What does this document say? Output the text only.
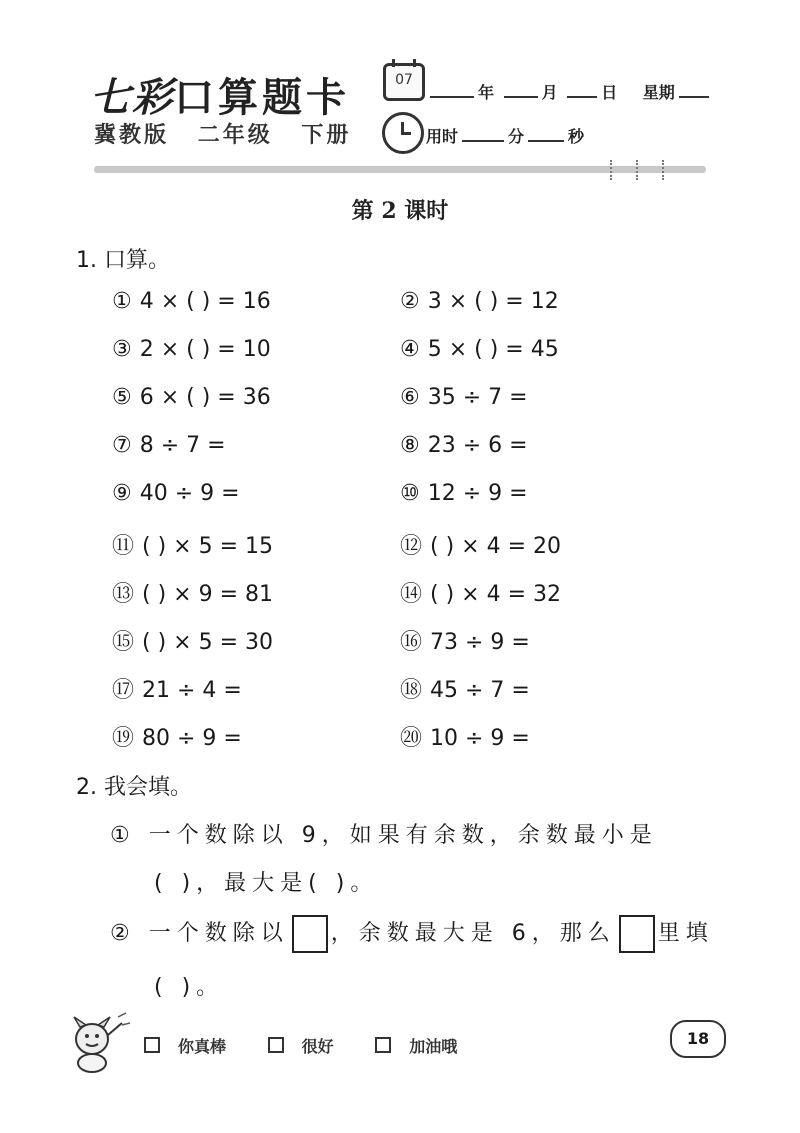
七彩口算题卡
冀教版 二年级 下册
07
年	月	日 星期
用时	分	秒
第 2 课时
1. 口算。
① 4 × ( ) = 16	② 3 × ( ) = 12
③ 2 × ( ) = 10	④ 5 × ( ) = 45
⑤ 6 × ( ) = 36	⑥ 35 ÷ 7 =
⑦ 8 ÷ 7 =	⑧ 23 ÷ 6 =
⑨ 40 ÷ 9 =	⑩ 12 ÷ 9 =
⑪ ( ) × 5 = 15	⑫ ( ) × 4 = 20
⑬ ( ) × 9 = 81	⑭ ( ) × 4 = 32
⑮ ( ) × 5 = 30	⑯ 73 ÷ 9 =
⑰ 21 ÷ 4 =	⑱ 45 ÷ 7 =
⑲ 80 ÷ 9 =	⑳ 10 ÷ 9 =
2. 我会填。
① 一个数除以 9，如果有余数，余数最小是
( )，最大是( )。
② 一个数除以 ，余数最大是 6，那么 里填
( )。
你真棒	很好	加油哦	18
